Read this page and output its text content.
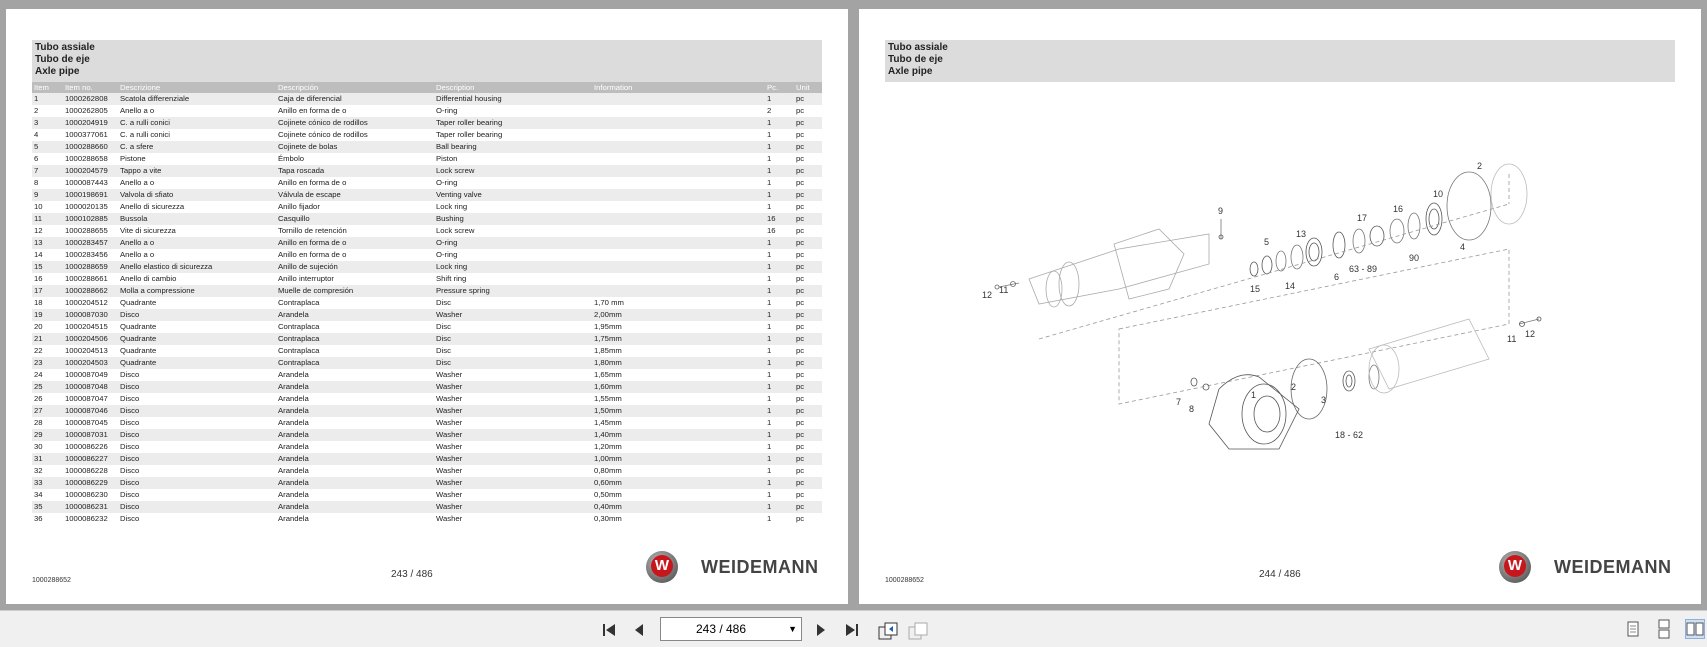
Tubo assiale
Tubo de eje
Axle pipe
Item	Item no.	Descrizione	Descripción	Description	Information	Pc.	Unit
1	1000262808	Scatola differenziale	Caja de diferencial	Differential housing		1	pc
2	1000262805	Anello a o	Anillo en forma de o	O-ring		2	pc
3	1000204919	C. a rulli conici	Cojinete cónico de rodillos	Taper roller bearing		1	pc
4	1000377061	C. a rulli conici	Cojinete cónico de rodillos	Taper roller bearing		1	pc
5	1000288660	C. a sfere	Cojinete de bolas	Ball bearing		1	pc
6	1000288658	Pistone	Émbolo	Piston		1	pc
7	1000204579	Tappo a vite	Tapa roscada	Lock screw		1	pc
8	1000087443	Anello a o	Anillo en forma de o	O-ring		1	pc
9	1000198691	Valvola di sfiato	Válvula de escape	Venting valve		1	pc
10	1000020135	Anello di sicurezza	Anillo fijador	Lock ring		1	pc
11	1000102885	Bussola	Casquillo	Bushing		16	pc
12	1000288655	Vite di sicurezza	Tornillo de retención	Lock screw		16	pc
13	1000283457	Anello a o	Anillo en forma de o	O-ring		1	pc
14	1000283456	Anello a o	Anillo en forma de o	O-ring		1	pc
15	1000288659	Anello elastico di sicurezza	Anillo de sujeción	Lock ring		1	pc
16	1000288661	Anello di cambio	Anillo interruptor	Shift ring		1	pc
17	1000288662	Molla a compressione	Muelle de compresión	Pressure spring		1	pc
18	1000204512	Quadrante	Contraplaca	Disc	1,70 mm	1	pc
19	1000087030	Disco	Arandela	Washer	2,00mm	1	pc
20	1000204515	Quadrante	Contraplaca	Disc	1,95mm	1	pc
21	1000204506	Quadrante	Contraplaca	Disc	1,75mm	1	pc
22	1000204513	Quadrante	Contraplaca	Disc	1,85mm	1	pc
23	1000204503	Quadrante	Contraplaca	Disc	1,80mm	1	pc
24	1000087049	Disco	Arandela	Washer	1,65mm	1	pc
25	1000087048	Disco	Arandela	Washer	1,60mm	1	pc
26	1000087047	Disco	Arandela	Washer	1,55mm	1	pc
27	1000087046	Disco	Arandela	Washer	1,50mm	1	pc
28	1000087045	Disco	Arandela	Washer	1,45mm	1	pc
29	1000087031	Disco	Arandela	Washer	1,40mm	1	pc
30	1000086226	Disco	Arandela	Washer	1,20mm	1	pc
31	1000086227	Disco	Arandela	Washer	1,00mm	1	pc
32	1000086228	Disco	Arandela	Washer	0,80mm	1	pc
33	1000086229	Disco	Arandela	Washer	0,60mm	1	pc
34	1000086230	Disco	Arandela	Washer	0,50mm	1	pc
35	1000086231	Disco	Arandela	Washer	0,40mm	1	pc
36	1000086232	Disco	Arandela	Washer	0,30mm	1	pc
1000288652
243 / 486
W WEIDEMANN
Tubo assiale
Tubo de eje
Axle pipe
2
9
10
16
17
5
13
90
4
63 - 89
15	14
6
12 11
11 12
1
2
3
7
8
18 - 62
1000288652
244 / 486
W WEIDEMANN
243 / 486	▼
